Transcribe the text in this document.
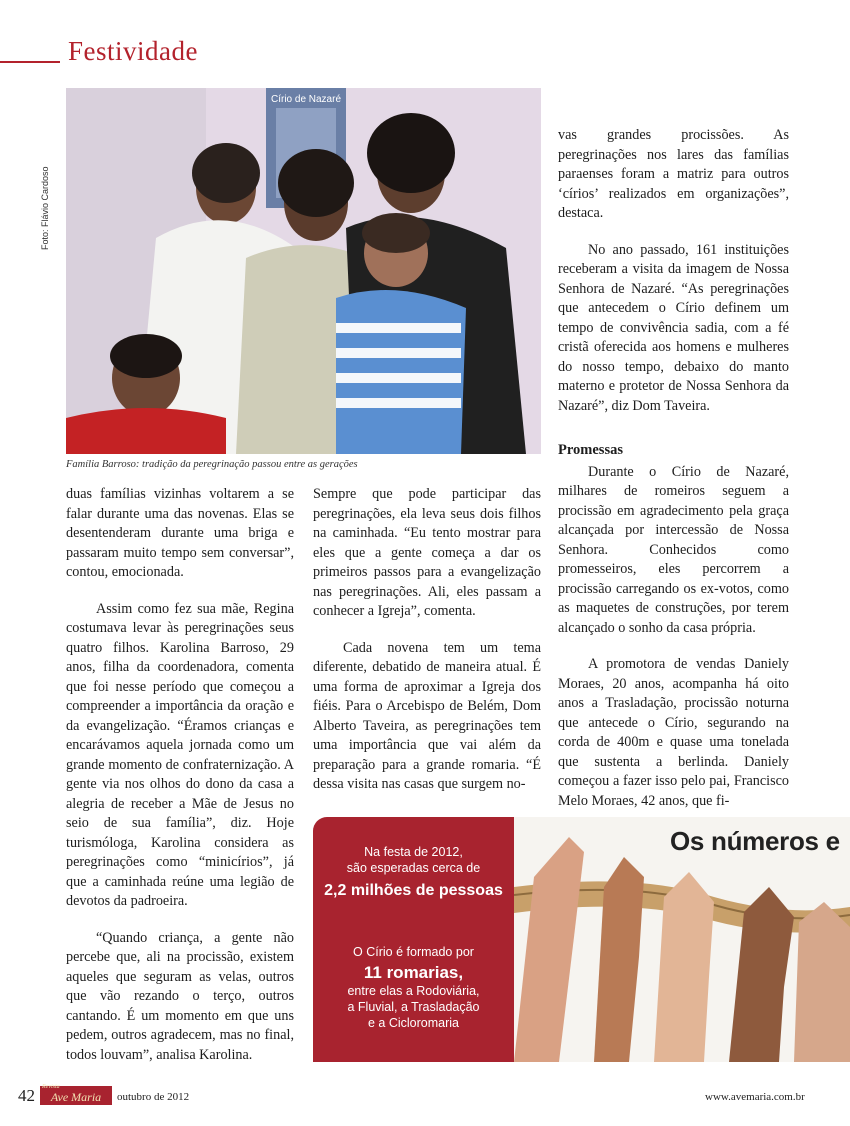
Festividade
Círio de Nazaré
Foto: Flávio Cardoso
Família Barroso: tradição da peregrinação passou entre as gerações

duas famílias vizinhas voltarem a se falar durante uma das novenas. Elas se desentenderam durante uma briga e passaram muito tempo sem conversar”, contou, emocionada.

Assim como fez sua mãe, Regina costumava levar às peregrinações seus quatro filhos. Karolina Barroso, 29 anos, filha da coordenadora, comenta que foi nesse período que começou a compreender a importância da oração e da evangelização. “Éramos crianças e encarávamos aquela jornada como um grande momento de confraternização. A gente via nos olhos do dono da casa a alegria de receber a Mãe de Jesus no seio de sua família”, diz. Hoje turismóloga, Karolina considera as peregrinações como “minicírios”, já que a caminhada reúne uma legião de devotos da padroeira.

“Quando criança, a gente não percebe que, ali na procissão, existem aqueles que seguram as velas, outros que vão rezando o terço, outros cantando. É um momento em que uns pedem, outros agradecem, mas no final, todos louvam”, analisa Karolina.

Sempre que pode participar das peregrinações, ela leva seus dois filhos na caminhada. “Eu tento mostrar para eles que a gente começa a dar os primeiros passos para a evangelização nas peregrinações. Ali, eles passam a conhecer a Igreja”, comenta.

Cada novena tem um tema diferente, debatido de maneira atual. É uma forma de aproximar a Igreja dos fiéis. Para o Arcebispo de Belém, Dom Alberto Taveira, as peregrinações tem uma importância que vai além da preparação para a grande romaria. “É dessa visita nas casas que surgem no-

vas grandes procissões. As peregrinações nos lares das famílias paraenses foram a matriz para outros ‘círios’ realizados em organizações”, destaca.

No ano passado, 161 instituições receberam a visita da imagem de Nossa Senhora de Nazaré. “As peregrinações que antecedem o Círio definem um tempo de convivência sadia, com a fé cristã oferecida aos homens e mulheres do nosso tempo, debaixo do manto materno e protetor de Nossa Senhora da Nazaré”, diz Dom Taveira.

Promessas

Durante o Círio de Nazaré, milhares de romeiros seguem a procissão em agradecimento pela graça alcançada por intercessão de Nossa Senhora. Conhecidos como promesseiros, eles percorrem a procissão carregando os ex-votos, como as maquetes de construções, por terem alcançado o sonho da casa própria.

A promotora de vendas Daniely Moraes, 20 anos, acompanha há oito anos a Trasladação, procissão noturna que antecede o Círio, segurando na corda de 400m e quase uma tonelada que sustenta a berlinda. Daniely começou a fazer isso pelo pai, Francisco Melo Moraes, 42 anos, que fi-

Na festa de 2012,
são esperadas cerca de
2,2 milhões de pessoas
O Círio é formado por
11 romarias,
entre elas a Rodoviária,
a Fluvial, a Trasladação
e a Cicloromaria
Os números e
42 Revista
Ave Maria	outubro de 2012	www.avemaria.com.br
